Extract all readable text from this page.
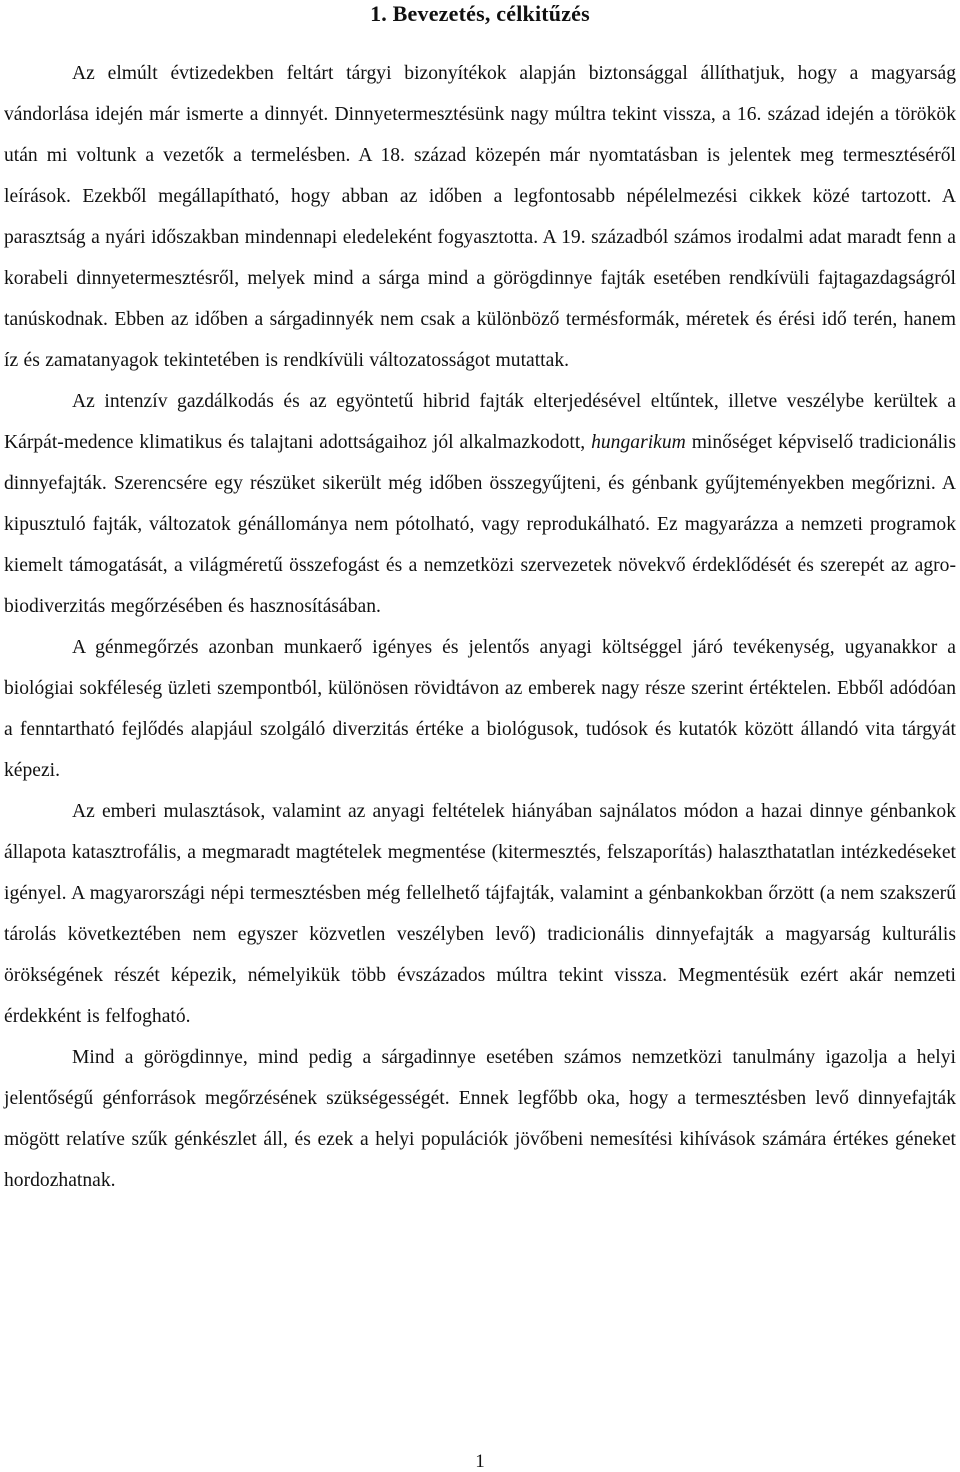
1. Bevezetés, célkitűzés

Az elmúlt évtizedekben feltárt tárgyi bizonyítékok alapján biztonsággal állíthatjuk, hogy a magyarság vándorlása idején már ismerte a dinnyét. Dinnyetermesztésünk nagy múltra tekint vissza, a 16. század idején a törökök után mi voltunk a vezetők a termelésben. A 18. század közepén már nyomtatásban is jelentek meg termesztéséről leírások. Ezekből megállapítható, hogy abban az időben a legfontosabb népélelmezési cikkek közé tartozott. A parasztság a nyári időszakban mindennapi eledeleként fogyasztotta. A 19. századból számos irodalmi adat maradt fenn a korabeli dinnyetermesztésről, melyek mind a sárga mind a görögdinnye fajták esetében rendkívüli fajtagazdagságról tanúskodnak. Ebben az időben a sárgadinnyék nem csak a különböző termésformák, méretek és érési idő terén, hanem íz és zamatanyagok tekintetében is rendkívüli változatosságot mutattak.

Az intenzív gazdálkodás és az egyöntetű hibrid fajták elterjedésével eltűntek, illetve veszélybe kerültek a Kárpát-medence klimatikus és talajtani adottságaihoz jól alkalmazkodott, hungarikum minőséget képviselő tradicionális dinnyefajták. Szerencsére egy részüket sikerült még időben összegyűjteni, és génbank gyűjteményekben megőrizni. A kipusztuló fajták, változatok génállománya nem pótolható, vagy reprodukálható. Ez magyarázza a nemzeti programok kiemelt támogatását, a világméretű összefogást és a nemzetközi szervezetek növekvő érdeklődését és szerepét az agro-biodiverzitás megőrzésében és hasznosításában.

A génmegőrzés azonban munkaerő igényes és jelentős anyagi költséggel járó tevékenység, ugyanakkor a biológiai sokféleség üzleti szempontból, különösen rövidtávon az emberek nagy része szerint értéktelen. Ebből adódóan a fenntartható fejlődés alapjául szolgáló diverzitás értéke a biológusok, tudósok és kutatók között állandó vita tárgyát képezi.

Az emberi mulasztások, valamint az anyagi feltételek hiányában sajnálatos módon a hazai dinnye génbankok állapota katasztrofális, a megmaradt magtételek megmentése (kitermesztés, felszaporítás) halaszthatatlan intézkedéseket igényel. A magyarországi népi termesztésben még fellelhető tájfajták, valamint a génbankokban őrzött (a nem szakszerű tárolás következtében nem egyszer közvetlen veszélyben levő) tradicionális dinnyefajták a magyarság kulturális örökségének részét képezik, némelyikük több évszázados múltra tekint vissza. Megmentésük ezért akár nemzeti érdekként is felfogható.

Mind a görögdinnye, mind pedig a sárgadinnye esetében számos nemzetközi tanulmány igazolja a helyi jelentőségű génforrások megőrzésének szükségességét. Ennek legfőbb oka, hogy a termesztésben levő dinnyefajták mögött relatíve szűk génkészlet áll, és ezek a helyi populációk jövőbeni nemesítési kihívások számára értékes géneket hordozhatnak.

1
